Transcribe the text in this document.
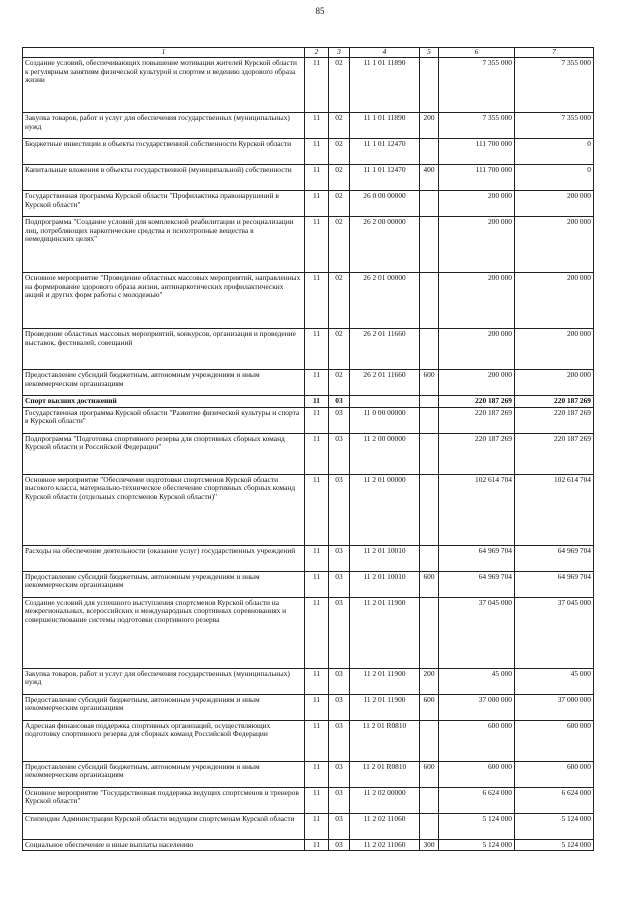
85
1	2	3	4	5	6	7
Создание условий, обеспечивающих повышение мотивации жителей Курской области к регулярным занятиям физической культурой и спортом и ведению здорового образа жизни	11	02	11 1 01 11890		7 355 000	7 355 000
Закупка товаров, работ и услуг для обеспечения государственных (муниципальных) нужд	11	02	11 1 01 11890	200	7 355 000	7 355 000
Бюджетные инвестиции в объекты государственной собственности Курской области	11	02	11 1 01 12470		111 700 000	0
Капитальные вложения в объекты государственной (муниципальной) собственности	11	02	11 1 01 12470	400	111 700 000	0
Государственная программа Курской области "Профилактика правонарушений в Курской области"	11	02	26 0 00 00000		200 000	200 000
Подпрограмма "Создание условий для комплексной реабилитации и ресоциализации лиц, потребляющих наркотические средства и психотропные вещества в немедицинских целях"	11	02	26 2 00 00000		200 000	200 000
Основное мероприятие "Проведение областных массовых мероприятий, направленных на формирование здорового образа жизни, антинаркотических профилактических акций и других форм работы с молодежью"	11	02	26 2 01 00000		200 000	200 000
Проведение областных массовых мероприятий, конкурсов, организация и проведение выставок, фестивалей, совещаний	11	02	26 2 01 11660		200 000	200 000
Предоставление субсидий бюджетным, автономным учреждениям и иным некоммерческим организациям	11	02	26 2 01 11660	600	200 000	200 000
Спорт высших достижений	11	03			220 187 269	220 187 269
Государственная программа Курской области "Развитие физической культуры и спорта в Курской области"	11	03	11 0 00 00000		220 187 269	220 187 269
Подпрограмма "Подготовка спортивного резерва для спортивных сборных команд Курской области и Российской Федерации"	11	03	11 2 00 00000		220 187 269	220 187 269
Основное мероприятие "Обеспечение подготовки спортсменов Курской области высокого класса, материально-техническое обеспечение спортивных сборных команд Курской области (отдельных спортсменов Курской области)"	11	03	11 2 01 00000		102 614 704	102 614 704
Расходы на обеспечение деятельности (оказание услуг) государственных учреждений	11	03	11 2 01 10010		64 969 704	64 969 704
Предоставление субсидий бюджетным, автономным учреждениям и иным некоммерческим организациям	11	03	11 2 01 10010	600	64 969 704	64 969 704
Создание условий для успешного выступления спортсменов Курской области на межрегиональных, всероссийских и международных спортивных соревнованиях и совершенствование системы подготовки спортивного резерва	11	03	11 2 01 11900		37 045 000	37 045 000
Закупка товаров, работ и услуг для обеспечения государственных (муниципальных) нужд	11	03	11 2 01 11900	200	45 000	45 000
Предоставление субсидий бюджетным, автономным учреждениям и иным некоммерческим организациям	11	03	11 2 01 11900	600	37 000 000	37 000 000
Адресная финансовая поддержка спортивных организаций, осуществляющих подготовку спортивного резерва для сборных команд Российской Федерации	11	03	11 2 01 R0810		600 000	600 000
Предоставление субсидий бюджетным, автономным учреждениям и иным некоммерческим организациям	11	03	11 2 01 R0810	600	600 000	600 000
Основное мероприятие "Государственная поддержка ведущих спортсменов и тренеров Курской области"	11	03	11 2 02 00000		6 624 000	6 624 000
Стипендии Администрации Курской области ведущим спортсменам Курской области	11	03	11 2 02 11060		5 124 000	5 124 000
Социальное обеспечение и иные выплаты населению	11	03	11 2 02 11060	300	5 124 000	5 124 000
